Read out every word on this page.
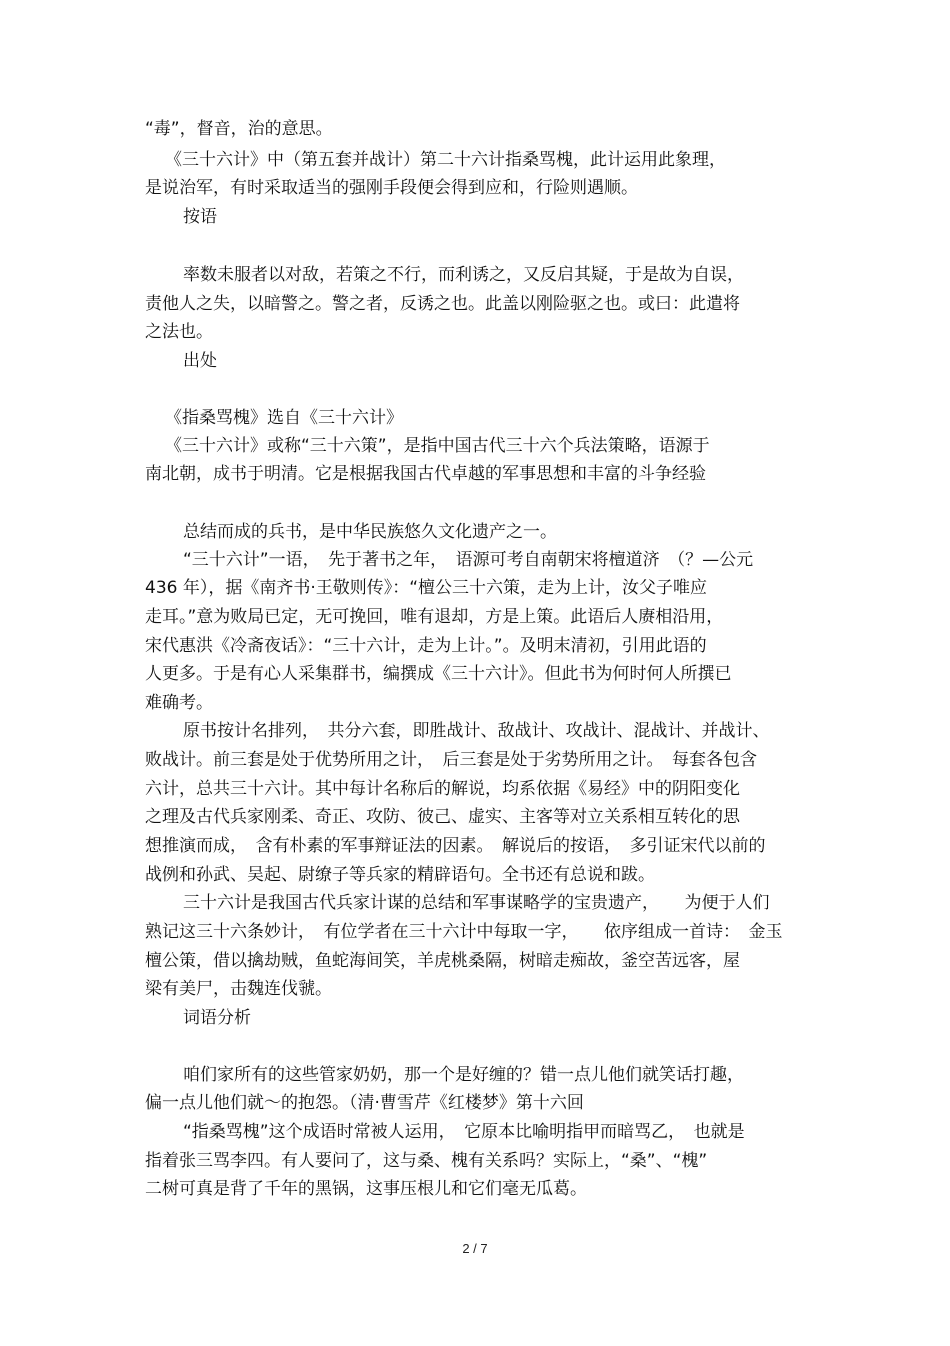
“毒”，督音，治的意思。

《三十六计》中（第五套并战计）第二十六计指桑骂槐，此计运用此象理，

是说治军，有时采取适当的强刚手段便会得到应和，行险则遇顺。

按语

率数未服者以对敌，若策之不行，而利诱之，又反启其疑，于是故为自误，

责他人之失，以暗警之。警之者，反诱之也。此盖以刚险驱之也。或曰：此遣将

之法也。

出处

《指桑骂槐》选自《三十六计》

《三十六计》或称“三十六策”，是指中国古代三十六个兵法策略，语源于

南北朝，成书于明清。它是根据我国古代卓越的军事思想和丰富的斗争经验

总结而成的兵书，是中华民族悠久文化遗产之一。

“三十六计”一语，　先于著书之年，　语源可考自南朝宋将檀道济　（？—公元

436 年），据《南齐书·王敬则传》：“檀公三十六策，走为上计，汝父子唯应

走耳。”意为败局已定，无可挽回，唯有退却，方是上策。此语后人赓相沿用，

宋代惠洪《冷斋夜话》：“三十六计，走为上计。”。及明末清初，引用此语的

人更多。于是有心人采集群书，编撰成《三十六计》。但此书为何时何人所撰已

难确考。

原书按计名排列，　共分六套，即胜战计、敌战计、攻战计、混战计、并战计、

败战计。前三套是处于优势所用之计，　后三套是处于劣势所用之计。　每套各包含

六计，总共三十六计。其中每计名称后的解说，均系依据《易经》中的阴阳变化

之理及古代兵家刚柔、奇正、攻防、彼己、虚实、主客等对立关系相互转化的思

想推演而成，　含有朴素的军事辩证法的因素。　解说后的按语，　多引证宋代以前的

战例和孙武、吴起、尉缭子等兵家的精辟语句。全书还有总说和跋。

三十六计是我国古代兵家计谋的总结和军事谋略学的宝贵遗产，　　为便于人们

熟记这三十六条妙计，　有位学者在三十六计中每取一字，　　依序组成一首诗：　金玉

檀公策，借以擒劫贼，鱼蛇海间笑，羊虎桃桑隔，树暗走痴故，釜空苦远客，屋

梁有美尸，击魏连伐虢。

词语分析

咱们家所有的这些管家奶奶，那一个是好缠的？错一点儿他们就笑话打趣，

偏一点儿他们就～的抱怨。（清·曹雪芹《红楼梦》第十六回

“指桑骂槐”这个成语时常被人运用，　它原本比喻明指甲而暗骂乙，　也就是

指着张三骂李四。有人要问了，这与桑、槐有关系吗？实际上，“桑”、“槐”

二树可真是背了千年的黑锅，这事压根儿和它们毫无瓜葛。

2 / 7
